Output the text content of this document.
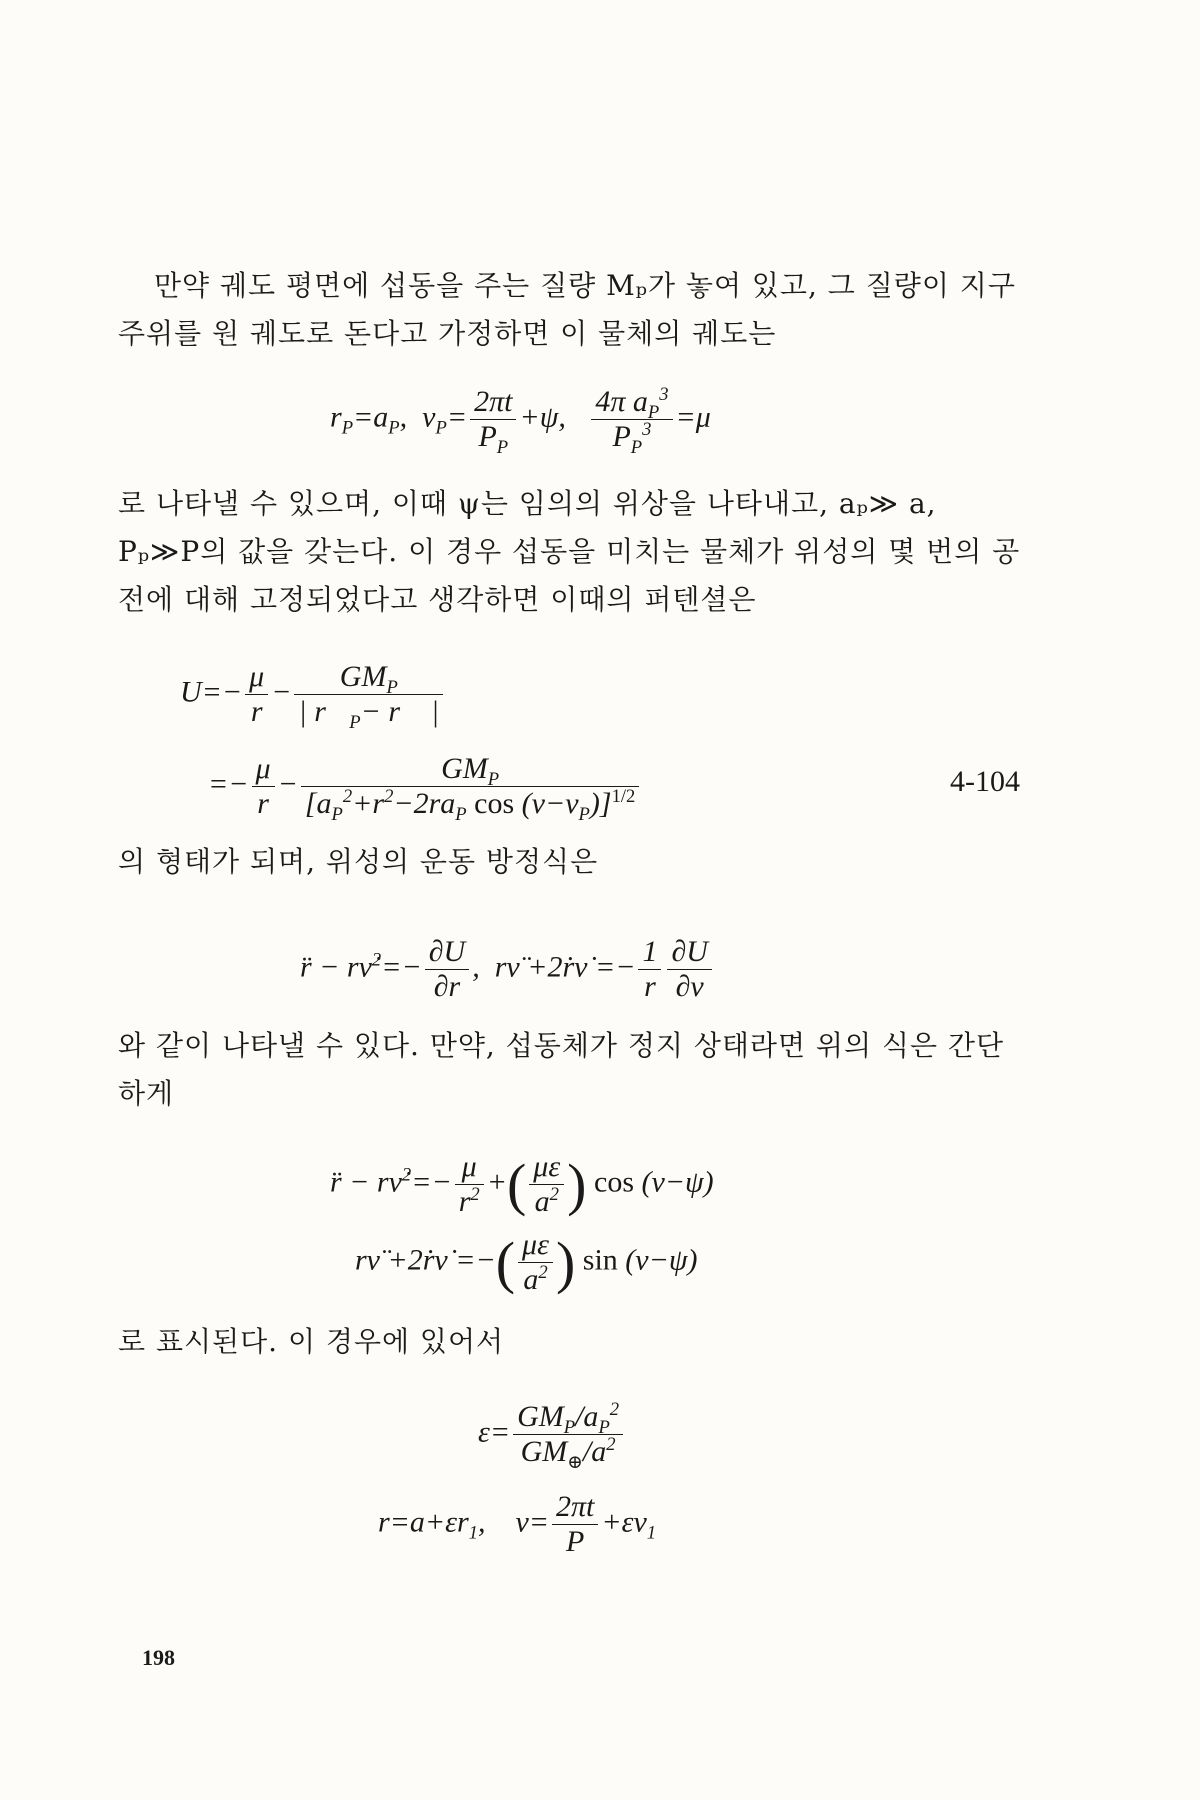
만약 궤도 평면에 섭동을 주는 질량 Mₚ가 놓여 있고, 그 질량이 지구 주위를 원 궤도로 돈다고 가정하면 이 물체의 궤도는

$r_P=a_P$,  $\nu_P= \frac{2\pi t}{P_P} +\psi$, $\frac{4\pi a_P^3}{P_P^3} =\mu$

로 나타낼 수 있으며, 이때 ψ는 임의의 위상을 나타내고, aₚ≫ a, Pₚ≫P의 값을 갖는다. 이 경우 섭동을 미치는 물체가 위성의 몇 번의 공전에 대해 고정되었다고 생각하면 이때의 퍼텐셜은

$U=- \frac{\mu}{r} - \frac{GM_P}{| r⃗_P- r⃗ |}$
=− $\frac{\mu}{r} - \frac{GM_P}{[a_P^2+r^2-2ra_P \cos (\nu-\nu_P)]^{1/2}}$	4-104

의 형태가 되며, 위성의 운동 방정식은

r̈ − rν̇$^2$=− $\frac{\partial U}{\partial r}$ ,  rν̈ +2ṙν̇ =− $\frac{1}{r} \frac{\partial U}{\partial\nu}$

와 같이 나타낼 수 있다. 만약, 섭동체가 정지 상태라면 위의 식은 간단하게

r̈ − rν̇$^2$=− $\frac{\mu}{r^2}$ +( $\frac{\mu\varepsilon}{a^2}$ ) cos (ν−ψ)
rν̈ +2ṙν̇ =−( $\frac{\mu\varepsilon}{a^2}$ ) sin (ν−ψ)

로 표시된다. 이 경우에 있어서

$\varepsilon= \frac{GM_P/a_P^2}{GM_\oplus/a^2}$
$r=a+\varepsilon r_1$,    $\nu= \frac{2\pi t}{P} +\varepsilon\nu_1$
198
